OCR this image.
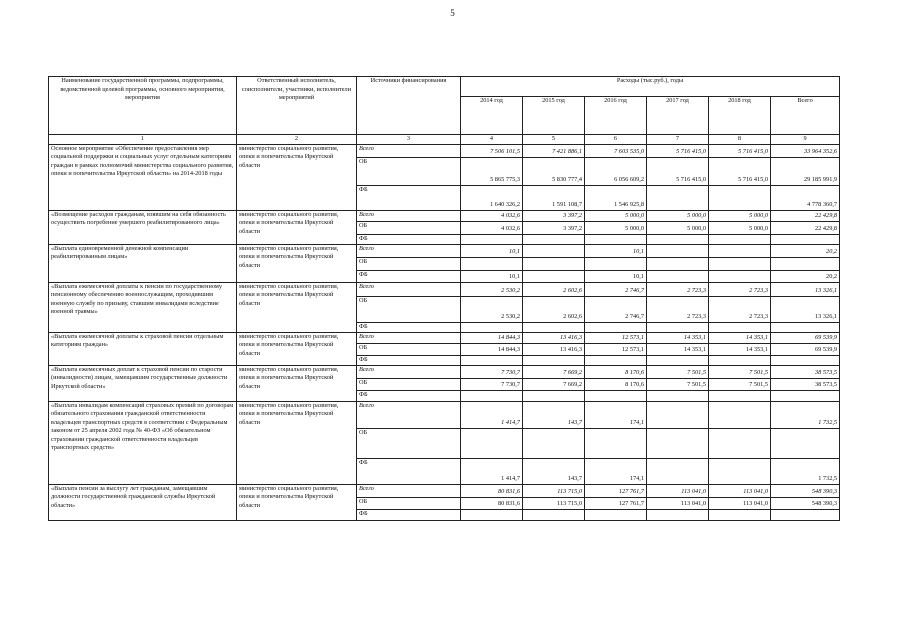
5
Наименование государственной программы, подпрограммы, ведомственной целевой программы, основного мероприятия, мероприятия	Ответственный исполнитель, соисполнители, участники, исполнители мероприятий	Источники финансирования	Расходы (тыс.руб.), годы					
			2014 год	2015 год	2016 год	2017 год	2018 год	Всего
1	2	3	4	5	6	7	8	9
Основное мероприятие «Обеспечение предоставления мер социальной поддержки и социальных услуг отдельным категориям граждан в рамках полномочий министерства социального развития, опеки и попечительства Иркутской области» на 2014-2018 годы	министерство социального развития, опеки и попечительства Иркутской области	Всего	7 506 101,5	7 421 886,1	7 603 535,0	5 716 415,0	5 716 415,0	33 964 352,6
		ОБ	5 865 775,3	5 830 777,4	6 056 609,2	5 716 415,0	5 716 415,0	29 185 991,9
		ФБ	1 640 326,2	1 591 108,7	1 546 925,8			4 778 360,7
«Возмещение расходов гражданам, взявшим на себя обязанность осуществить погребение умершего реабилитированного лица»	министерство социального развития, опеки и попечительства Иркутской области	Всего	4 032,6	3 397,2	5 000,0	5 000,0	5 000,0	22 429,8
		ОБ	4 032,6	3 397,2	5 000,0	5 000,0	5 000,0	22 429,8
		ФБ						
«Выплата единовременной денежной компенсации реабилитированным лицам»	министерство социального развития, опеки и попечительства Иркутской области	Всего	10,1		10,1			20,2
		ОБ						
		ФБ	10,1		10,1			20,2
«Выплата ежемесячной доплаты к пенсии по государственному пенсионному обеспечению военнослужащим, проходившим военную службу по призыву, ставшим инвалидами вследствие военной травмы»	министерство социального развития, опеки и попечительства Иркутской области	Всего	2 530,2	2 602,6	2 746,7	2 723,3	2 723,3	13 326,1
		ОБ	2 530,2	2 602,6	2 746,7	2 723,3	2 723,3	13 326,1
		ФБ						
«Выплата ежемесячной доплаты к страховой пенсии отдельным категориям граждан»	министерство социального развития, опеки и попечительства Иркутской области	Всего	14 844,3	13 416,3	12 573,1	14 353,1	14 353,1	69 539,9
		ОБ	14 844,3	13 416,3	12 573,1	14 353,1	14 353,1	69 539,9
		ФБ						
«Выплата ежемесячных доплат к страховой пенсии по старости (инвалидности) лицам, замещавшим государственные должности Иркутской области»	министерство социального развития, опеки и попечительства Иркутской области	Всего	7 730,7	7 669,2	8 170,6	7 501,5	7 501,5	38 573,5
		ОБ	7 730,7	7 669,2	8 170,6	7 501,5	7 501,5	38 573,5
		ФБ						
«Выплата инвалидам компенсаций страховых премий по договорам обязательного страхования гражданской ответственности владельцев транспортных средств в соответствии с Федеральным законом от 25 апреля 2002 года № 40-ФЗ «Об обязательном страховании гражданской ответственности владельцев транспортных средств»	министерство социального развития, опеки и попечительства Иркутской области	Всего	1 414,7	143,7	174,1			1 732,5
		ОБ						
		ФБ	1 414,7	143,7	174,1			1 732,5
«Выплата пенсии за выслугу лет гражданам, замещавшим должности государственной гражданской службы Иркутской области»	министерство социального развития, опеки и попечительства Иркутской области	Всего	80 831,6	113 715,0	127 761,7	113 041,0	113 041,0	548 390,3
		ОБ	80 831,6	113 715,0	127 761,7	113 041,0	113 041,0	548 390,3
		ФБ						
